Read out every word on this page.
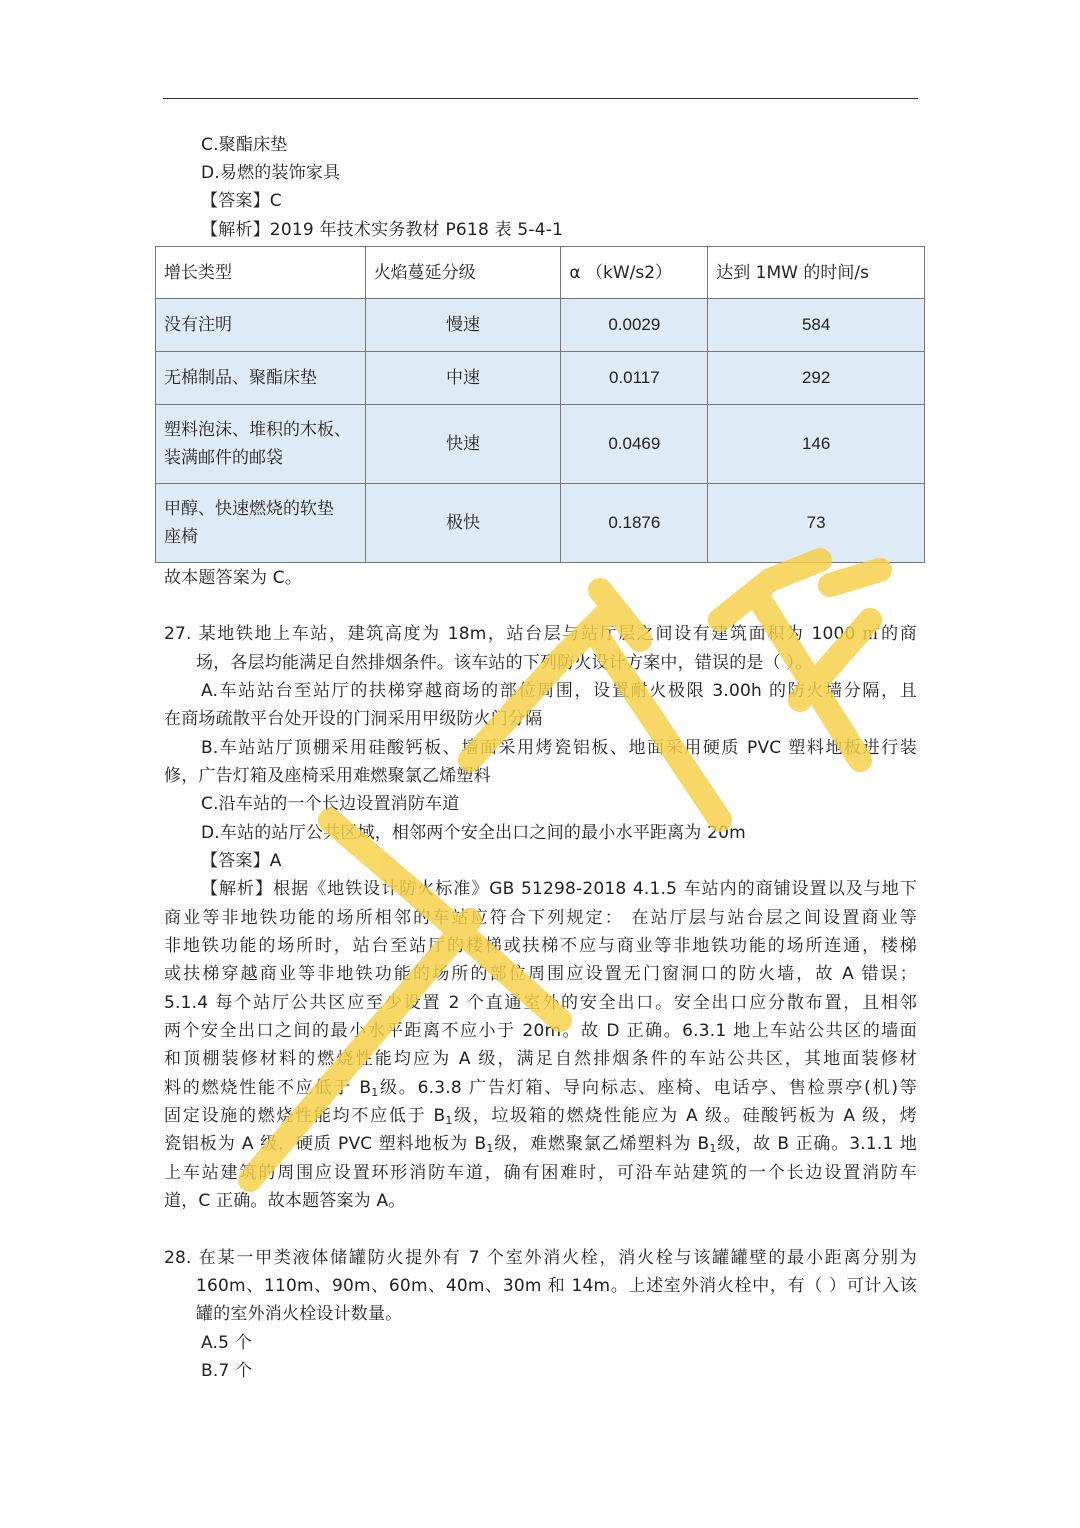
C.聚酯床垫
D.易燃的装饰家具
【答案】C
【解析】2019 年技术实务教材 P618 表 5-4-1
增长类型	火焰蔓延分级	α （kW/s2）	达到 1MW 的时间/s
没有注明	慢速	0.0029	584
无棉制品、聚酯床垫	中速	0.0117	292
塑料泡沫、堆积的木板、
装满邮件的邮袋	快速	0.0469	146
甲醇、快速燃烧的软垫
座椅	极快	0.1876	73
故本题答案为 C。
27. 某地铁地上车站，建筑高度为 18m，站台层与站厅层之间设有建筑面积为 1000 ㎡的商
场，各层均能满足自然排烟条件。该车站的下列防火设计方案中，错误的是（ ）。
A.车站站台至站厅的扶梯穿越商场的部位周围，设置耐火极限 3.00h 的防火墙分隔，且
在商场疏散平台处开设的门洞采用甲级防火门分隔
B.车站站厅顶棚采用硅酸钙板、墙面采用烤瓷铝板、地面采用硬质 PVC 塑料地板进行装
修，广告灯箱及座椅采用难燃聚氯乙烯塑料
C.沿车站的一个长边设置消防车道
D.车站的站厅公共区域，相邻两个安全出口之间的最小水平距离为 20m
【答案】A
【解析】根据《地铁设计防火标准》GB 51298-2018 4.1.5 车站内的商铺设置以及与地下
商业等非地铁功能的场所相邻的车站应符合下列规定： 在站厅层与站台层之间设置商业等
非地铁功能的场所时，站台至站厅的楼梯或扶梯不应与商业等非地铁功能的场所连通，楼梯
或扶梯穿越商业等非地铁功能的场所的部位周围应设置无门窗洞口的防火墙，故 A 错误；
5.1.4 每个站厅公共区应至少设置 2 个直通室外的安全出口。安全出口应分散布置，且相邻
两个安全出口之间的最小水平距离不应小于 20m。故 D 正确。6.3.1 地上车站公共区的墙面
和顶棚装修材料的燃烧性能均应为 A 级，满足自然排烟条件的车站公共区，其地面装修材
料的燃烧性能不应低于 $B_1$级。6.3.8 广告灯箱、导向标志、座椅、电话亭、售检票亭(机)等
固定设施的燃烧性能均不应低于 $B_1$级，垃圾箱的燃烧性能应为 A 级。硅酸钙板为 A 级，烤
瓷铝板为 A 级，硬质 PVC 塑料地板为 $B_1$级，难燃聚氯乙烯塑料为 $B_1$级，故 B 正确。3.1.1 地
上车站建筑的周围应设置环形消防车道，确有困难时，可沿车站建筑的一个长边设置消防车
道，C 正确。故本题答案为 A。
28. 在某一甲类液体储罐防火提外有 7 个室外消火栓，消火栓与该罐罐壁的最小距离分别为
160m、110m、90m、60m、40m、30m 和 14m。上述室外消火栓中，有（ ）可计入该
罐的室外消火栓设计数量。
A.5 个
B.7 个
